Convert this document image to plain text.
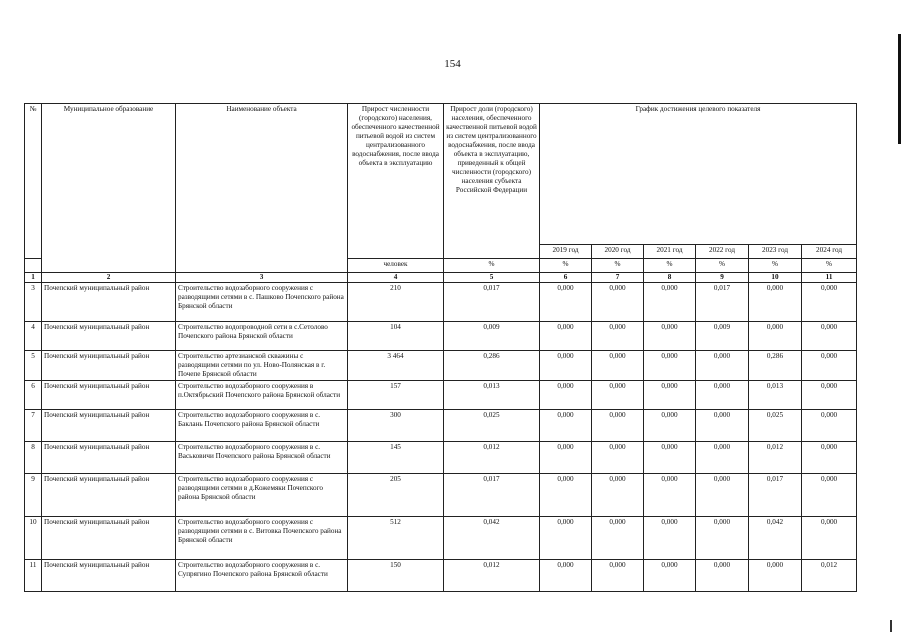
154
№	Муниципальное образование	Наименование объекта	Прирост численности (городского) населения, обеспеченного качественной питьевой водой из систем централизованного водоснабжения, после ввода объекта в эксплуатацию	Прирост доли (городского) населения, обеспеченного качественной питьевой водой из систем централизованного водоснабжения, после ввода объекта в эксплуатацию, приведенный к общей численности (городского) населения субъекта Российской Федерации	График достижения целевого показателя					
					2019 год	2020 год	2021 год	2022 год	2023 год	2024 год
			человек	%	%	%	%	%	%	%
1	2	3	4	5	6	7	8	9	10	11
3	Почепский муниципальный район	Строительство водозаборного сооружения с разводящими сетями в с. Пашково Почепского района Брянской области	210	0,017	0,000	0,000	0,000	0,017	0,000	0,000
4	Почепский муниципальный район	Строительство водопроводной сети в с.Сетолово Почепского района Брянской области	104	0,009	0,000	0,000	0,000	0,009	0,000	0,000
5	Почепский муниципальный район	Строительство артезианской скважины с разводящими сетями по ул. Ново-Полянская в г. Почепе Брянской области	3 464	0,286	0,000	0,000	0,000	0,000	0,286	0,000
6	Почепский муниципальный район	Строительство водозаборного сооружения в п.Октябрьский Почепского района Брянской области	157	0,013	0,000	0,000	0,000	0,000	0,013	0,000
7	Почепский муниципальный район	Строительство водозаборного сооружения в с. Баклань Почепского района Брянской области	300	0,025	0,000	0,000	0,000	0,000	0,025	0,000
8	Почепский муниципальный район	Строительство водозаборного сооружения в с. Васьковичи Почепского района Брянской области	145	0,012	0,000	0,000	0,000	0,000	0,012	0,000
9	Почепский муниципальный район	Строительство водозаборного сооружения с разводящими сетями в д.Кожемяки Почепского района Брянской области	205	0,017	0,000	0,000	0,000	0,000	0,017	0,000
10	Почепский муниципальный район	Строительство водозаборного сооружения с разводящими сетями в с. Витовка Почепского района Брянской области	512	0,042	0,000	0,000	0,000	0,000	0,042	0,000
11	Почепский муниципальный район	Строительство водозаборного сооружения в с. Супрягино Почепского района Брянской области	150	0,012	0,000	0,000	0,000	0,000	0,000	0,012
